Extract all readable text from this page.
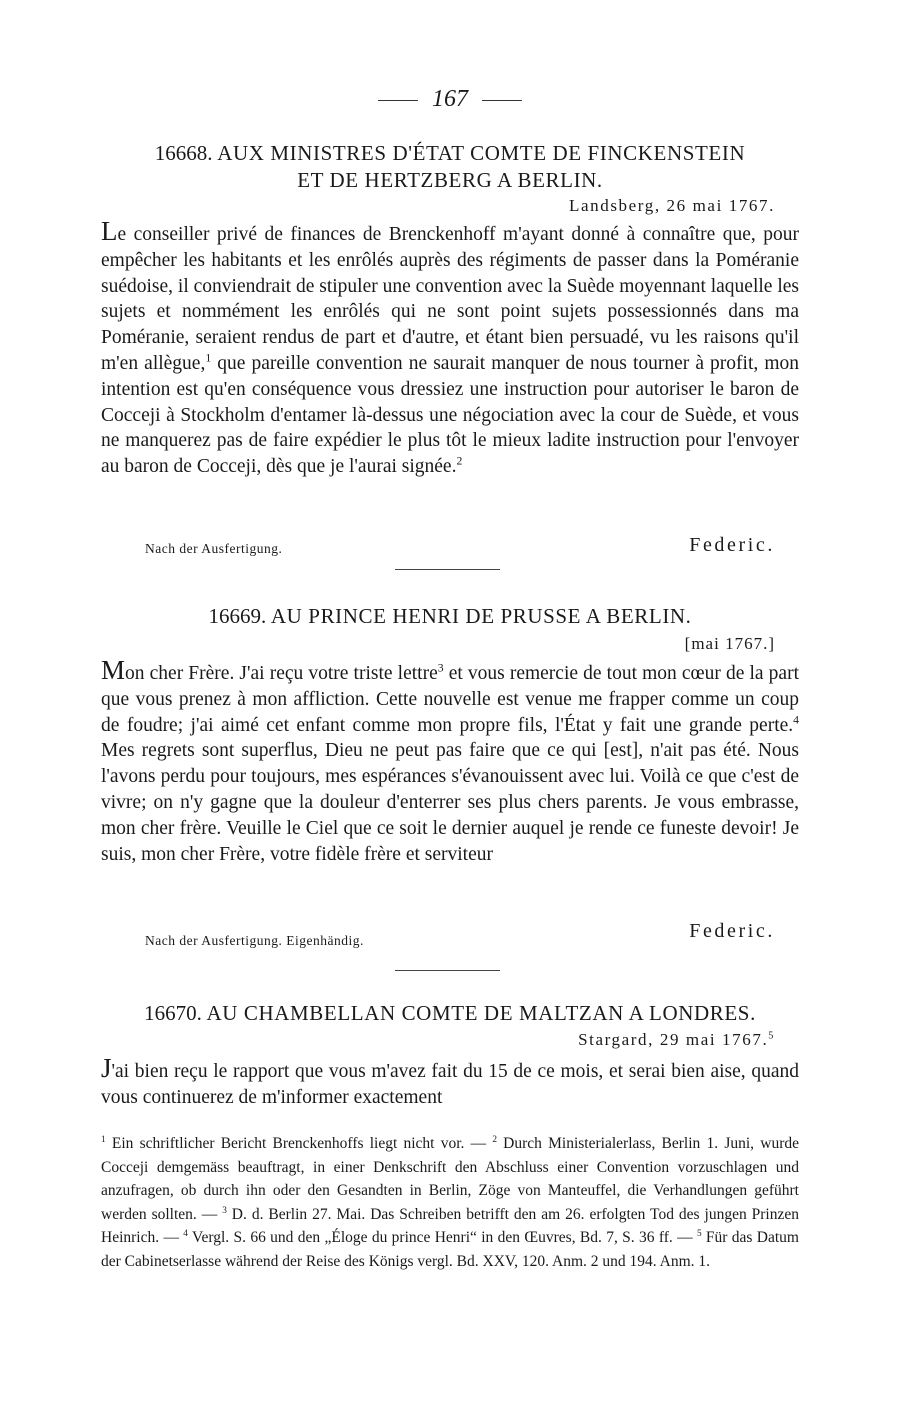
167
16668. AUX MINISTRES D'ÉTAT COMTE DE FINCKENSTEIN
ET DE HERTZBERG A BERLIN.
Landsberg, 26 mai 1767.

Le conseiller privé de finances de Brenckenhoff m'ayant donné à connaître que, pour empêcher les habitants et les enrôlés auprès des régiments de passer dans la Poméranie suédoise, il conviendrait de stipuler une convention avec la Suède moyennant laquelle les sujets et nommément les enrôlés qui ne sont point sujets possessionnés dans ma Poméranie, seraient rendus de part et d'autre, et étant bien persuadé, vu les raisons qu'il m'en allègue,$^1$ que pareille convention ne saurait manquer de nous tourner à profit, mon intention est qu'en conséquence vous dressiez une instruction pour autoriser le baron de Cocceji à Stockholm d'entamer là-dessus une négociation avec la cour de Suède, et vous ne manquerez pas de faire expédier le plus tôt le mieux ladite instruction pour l'envoyer au baron de Cocceji, dès que je l'aurai signée.$^2$

Nach der Ausfertigung.	Federic.
16669. AU PRINCE HENRI DE PRUSSE A BERLIN.
[mai 1767.]

Mon cher Frère. J'ai reçu votre triste lettre$^3$ et vous remercie de tout mon cœur de la part que vous prenez à mon affliction. Cette nouvelle est venue me frapper comme un coup de foudre; j'ai aimé cet enfant comme mon propre fils, l'État y fait une grande perte.$^4$ Mes regrets sont superflus, Dieu ne peut pas faire que ce qui [est], n'ait pas été. Nous l'avons perdu pour toujours, mes espérances s'évanouissent avec lui. Voilà ce que c'est de vivre; on n'y gagne que la douleur d'enterrer ses plus chers parents. Je vous embrasse, mon cher frère. Veuille le Ciel que ce soit le dernier auquel je rende ce funeste devoir! Je suis, mon cher Frère, votre fidèle frère et serviteur

Nach der Ausfertigung. Eigenhändig.	Federic.
16670. AU CHAMBELLAN COMTE DE MALTZAN A LONDRES.
Stargard, 29 mai 1767.$^5$

J'ai bien reçu le rapport que vous m'avez fait du 15 de ce mois, et serai bien aise, quand vous continuerez de m'informer exactement

$^1$ Ein schriftlicher Bericht Brenckenhoffs liegt nicht vor. — $^2$ Durch Ministerialerlass, Berlin 1. Juni, wurde Cocceji demgemäss beauftragt, in einer Denkschrift den Abschluss einer Convention vorzuschlagen und anzufragen, ob durch ihn oder den Gesandten in Berlin, Zöge von Manteuffel, die Verhandlungen geführt werden sollten. — $^3$ D. d. Berlin 27. Mai. Das Schreiben betrifft den am 26. erfolgten Tod des jungen Prinzen Heinrich. — $^4$ Vergl. S. 66 und den „Éloge du prince Henri“ in den Œuvres, Bd. 7, S. 36 ff. — $^5$ Für das Datum der Cabinetserlasse während der Reise des Königs vergl. Bd. XXV, 120. Anm. 2 und 194. Anm. 1.
